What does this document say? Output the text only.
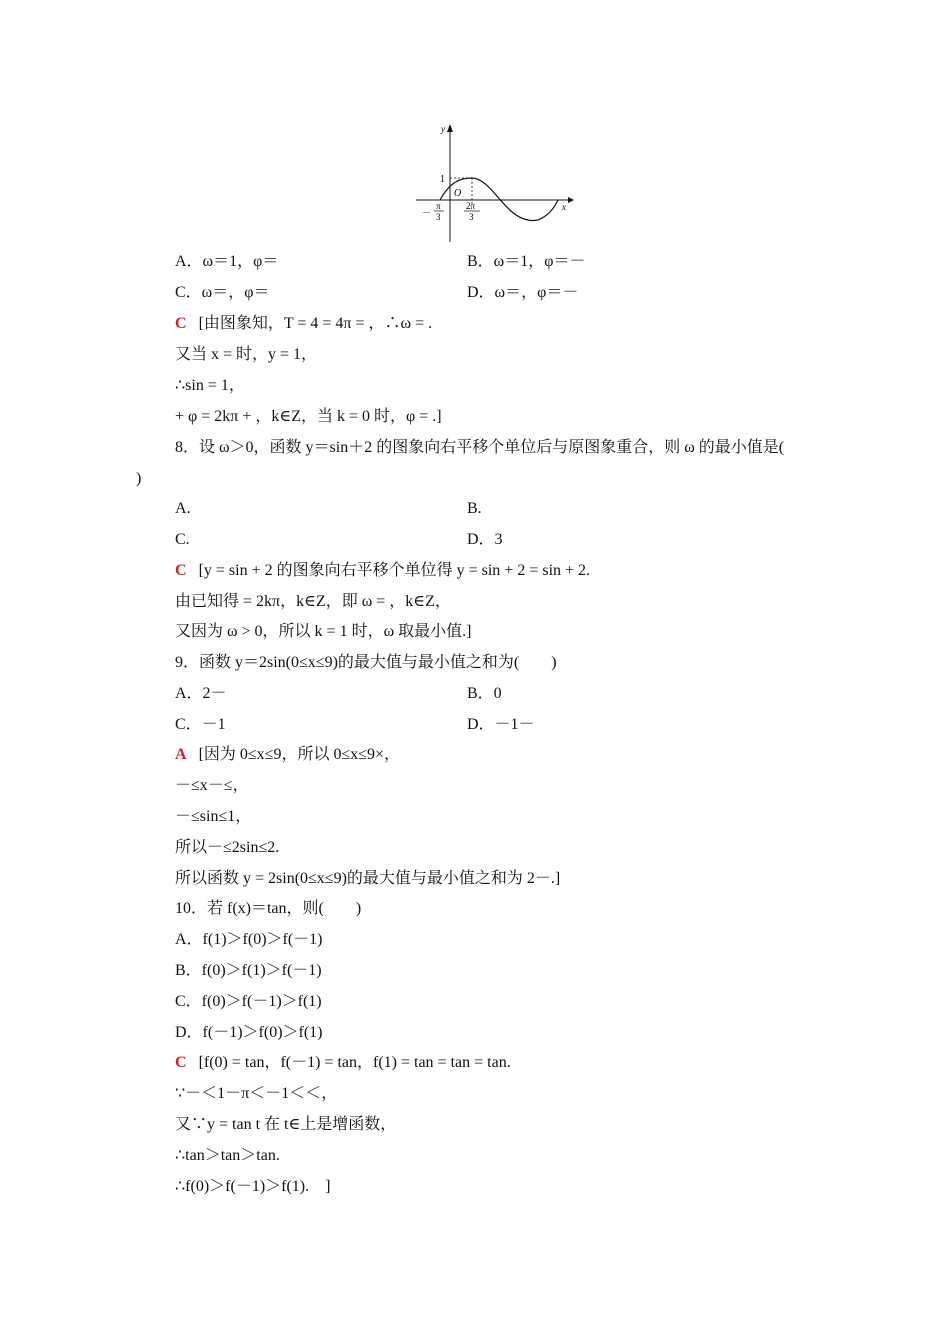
y
x
1
O
－
π
3
2π
3
A．ω＝1，φ＝	B．ω＝1，φ＝－
C．ω＝，φ＝	D．ω＝，φ＝－
C [由图象知，T = 4 = 4π = ，∴ω = .
又当 x = 时，y = 1，
∴sin = 1，
+ φ = 2kπ + ，k∈Z，当 k = 0 时，φ = .]
8．设 ω＞0，函数 y＝sin＋2 的图象向右平移个单位后与原图象重合，则 ω 的最小值是(
)
A.	B.
C.	D．3
C [y = sin + 2 的图象向右平移个单位得 y = sin + 2 = sin + 2.
由已知得 = 2kπ，k∈Z，即 ω = ，k∈Z，
又因为 ω > 0，所以 k = 1 时，ω 取最小值.]
9．函数 y＝2sin(0≤x≤9)的最大值与最小值之和为(　　)
A．2－	B．0
C．－1	D．－1－
A [因为 0≤x≤9，所以 0≤x≤9×，
－≤x－≤，
－≤sin≤1，
所以－≤2sin≤2.
所以函数 y = 2sin(0≤x≤9)的最大值与最小值之和为 2－.]
10．若 f(x)＝tan，则(　　)
A．f(1)＞f(0)＞f(－1)
B．f(0)＞f(1)＞f(－1)
C．f(0)＞f(－1)＞f(1)
D．f(－1)＞f(0)＞f(1)
C [f(0) = tan，f(－1) = tan，f(1) = tan = tan = tan.
∵－＜1－π＜－1＜＜，
又∵y = tan t 在 t∈上是增函数，
∴tan＞tan＞tan.
∴f(0)＞f(－1)＞f(1).　]
